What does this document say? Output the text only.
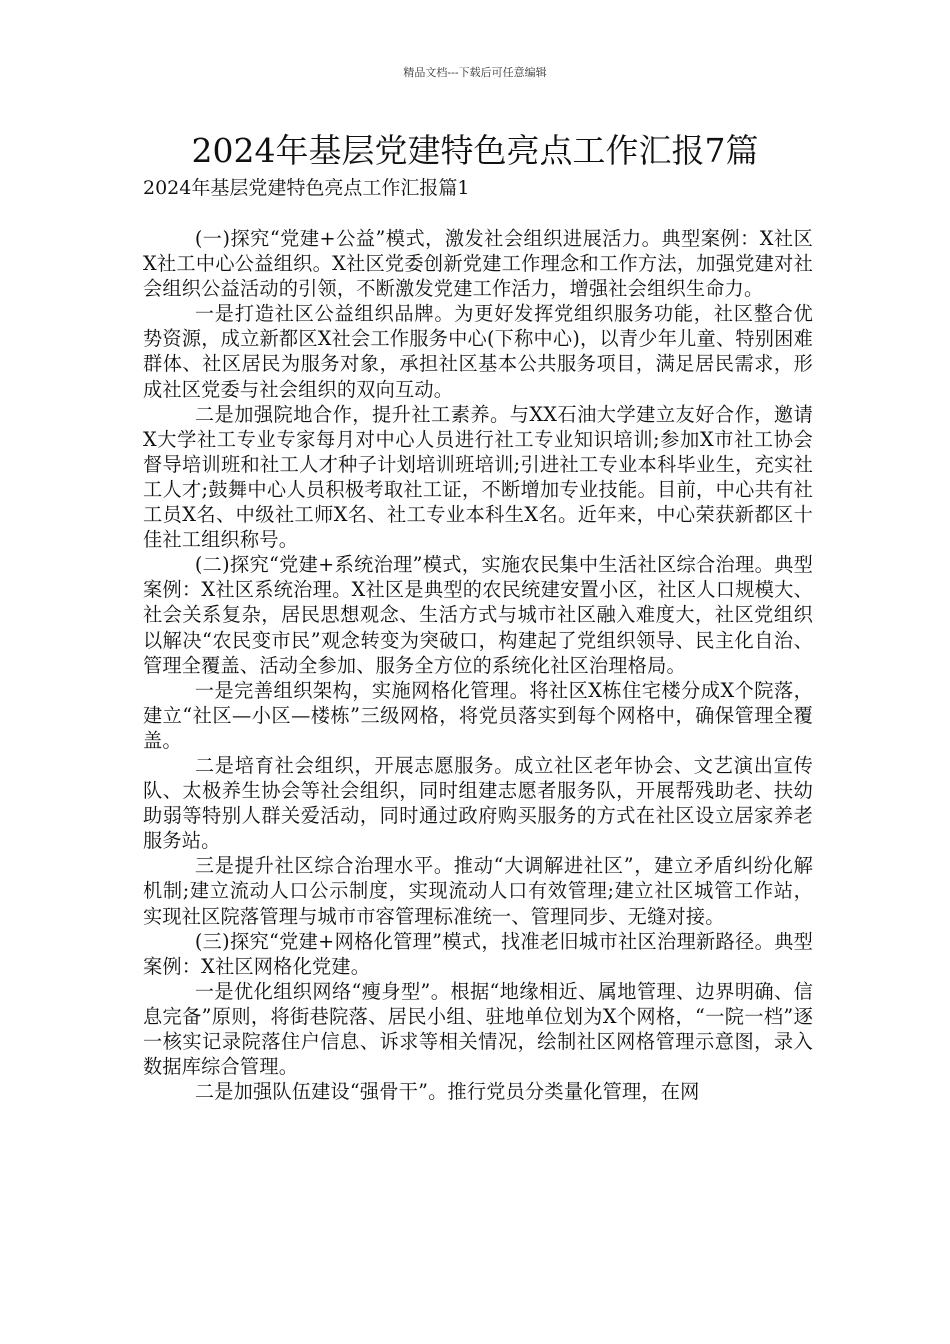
精品文档---下载后可任意编辑
2024年基层党建特色亮点工作汇报7篇
2024年基层党建特色亮点工作汇报篇1

(一)探究“党建+公益”模式，激发社会组织进展活力。典型案例：X社区X社工中心公益组织。X社区党委创新党建工作理念和工作方法，加强党建对社会组织公益活动的引领，不断激发党建工作活力，增强社会组织生命力。

一是打造社区公益组织品牌。为更好发挥党组织服务功能，社区整合优势资源，成立新都区X社会工作服务中心(下称中心)，以青少年儿童、特别困难群体、社区居民为服务对象，承担社区基本公共服务项目，满足居民需求，形成社区党委与社会组织的双向互动。

二是加强院地合作，提升社工素养。与XX石油大学建立友好合作，邀请X大学社工专业专家每月对中心人员进行社工专业知识培训;参加X市社工协会督导培训班和社工人才种子计划培训班培训;引进社工专业本科毕业生，充实社工人才;鼓舞中心人员积极考取社工证，不断增加专业技能。目前，中心共有社工员X名、中级社工师X名、社工专业本科生X名。近年来，中心荣获新都区十佳社工组织称号。

(二)探究“党建+系统治理”模式，实施农民集中生活社区综合治理。典型案例：X社区系统治理。X社区是典型的农民统建安置小区，社区人口规模大、社会关系复杂，居民思想观念、生活方式与城市社区融入难度大，社区党组织以解决“农民变市民”观念转变为突破口，构建起了党组织领导、民主化自治、管理全覆盖、活动全参加、服务全方位的系统化社区治理格局。

一是完善组织架构，实施网格化管理。将社区X栋住宅楼分成X个院落，建立“社区—小区—楼栋”三级网格，将党员落实到每个网格中，确保管理全覆盖。

二是培育社会组织，开展志愿服务。成立社区老年协会、文艺演出宣传队、太极养生协会等社会组织，同时组建志愿者服务队，开展帮残助老、扶幼助弱等特别人群关爱活动，同时通过政府购买服务的方式在社区设立居家养老服务站。

三是提升社区综合治理水平。推动“大调解进社区”，建立矛盾纠纷化解机制;建立流动人口公示制度，实现流动人口有效管理;建立社区城管工作站，实现社区院落管理与城市市容管理标准统一、管理同步、无缝对接。

(三)探究“党建+网格化管理”模式，找准老旧城市社区治理新路径。典型案例：X社区网格化党建。

一是优化组织网络“瘦身型”。根据“地缘相近、属地管理、边界明确、信息完备”原则，将街巷院落、居民小组、驻地单位划为X个网格，“一院一档”逐一核实记录院落住户信息、诉求等相关情况，绘制社区网格管理示意图，录入数据库综合管理。

二是加强队伍建设“强骨干”。推行党员分类量化管理，在网
